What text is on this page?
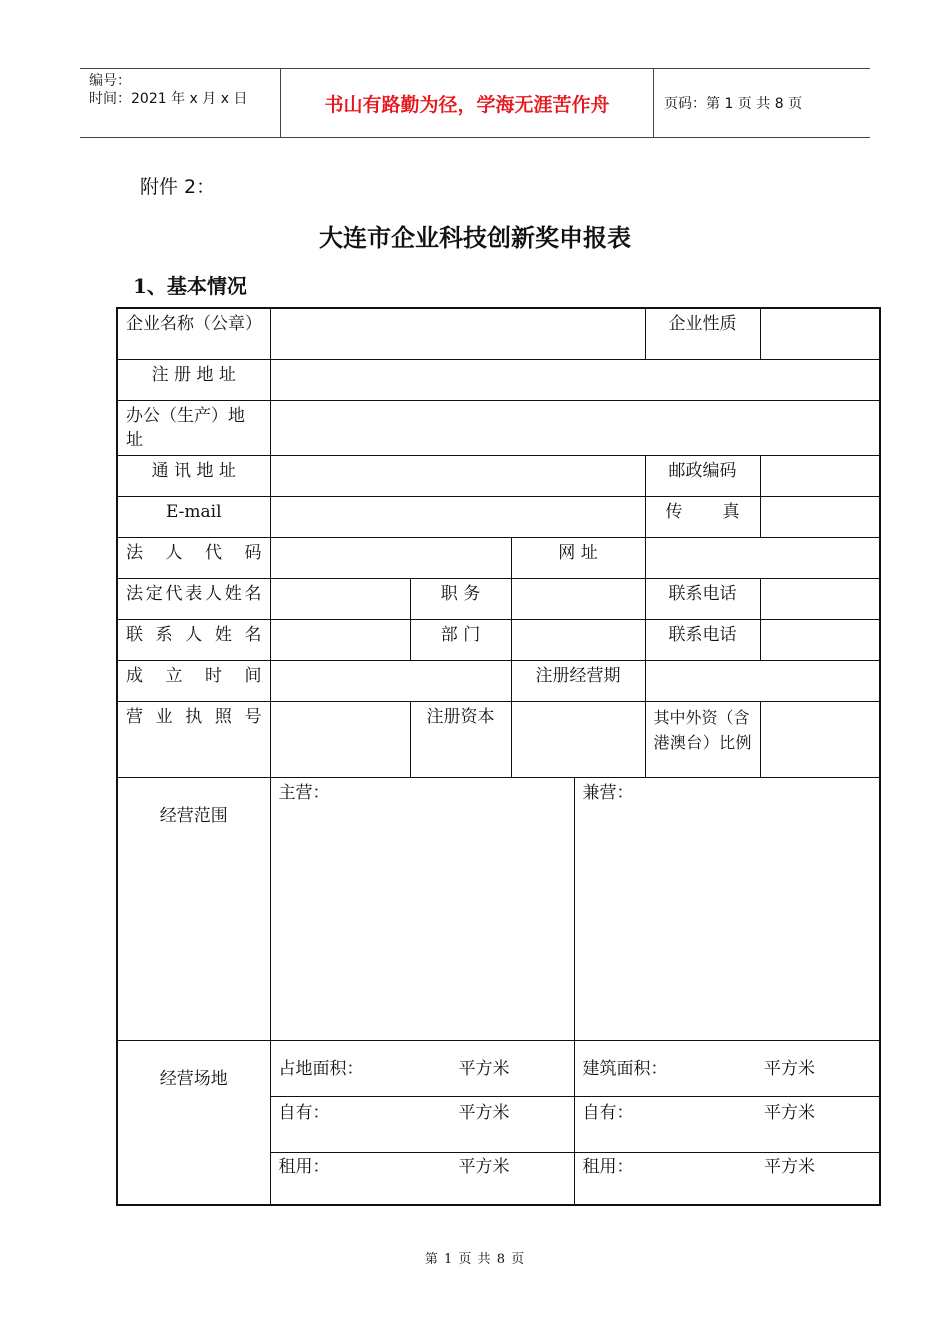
编号：
时间：2021 年 x 月 x 日	书山有路勤为径，学海无涯苦作舟	页码：第 1 页 共 8 页
附件 2：
大连市企业科技创新奖申报表
1、基本情况
企业名称（公章）					企业性质	
注 册 地 址						
办公（生产）地址						
通 讯 地 址					邮政编码	
E-mail					传真	
法人代码			网 址			
法定代表人姓名		职 务			联系电话	
联系人姓名		部 门			联系电话	
成立时间			注册经营期			
营业执照号		注册资本			其中外资（含港澳台）比例	
经营范围	主营：			兼营：		
经营场地	占地面积： 平方米			建筑面积： 平方米		

	自有： 平方米			自有： 平方米		

	租用： 平方米			租用： 平方米		
第 1 页 共 8 页
